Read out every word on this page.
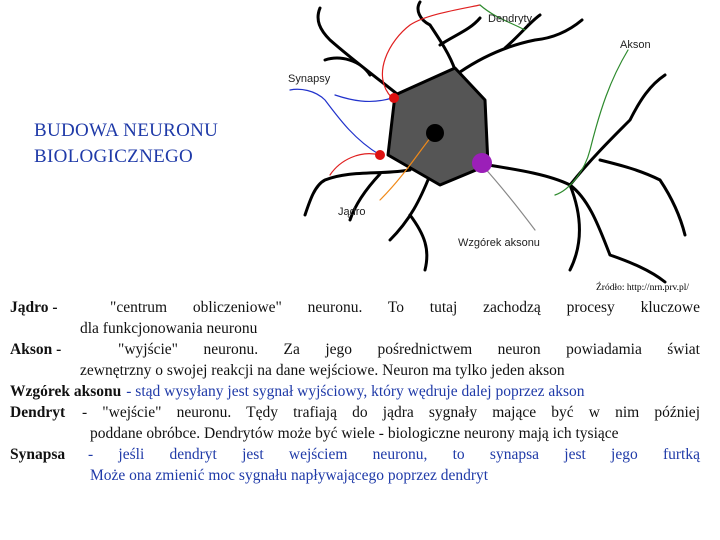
BUDOWA NEURONU
BIOLOGICZNEGO
Dendryty
Akson
Synapsy
Jądro
Wzgórek aksonu
Źródło: http://nrn.prv.pl/
Jądro -	"centrum obliczeniowe" neuronu. To tutaj zachodzą procesy kluczowe
dla funkcjonowania neuronu
Akson -	"wyjście" neuronu. Za jego pośrednictwem neuron powiadamia świat
zewnętrzny o swojej reakcji na dane wejściowe. Neuron ma tylko jeden akson
Wzgórek aksonu - stąd wysyłany jest sygnał wyjściowy, który wędruje dalej poprzez akson
Dendryt	- "wejście" neuronu. Tędy trafiają do jądra sygnały mające być w nim później
poddane obróbce. Dendrytów może być wiele - biologiczne neurony mają ich tysiące
Synapsa	- jeśli dendryt jest wejściem neuronu, to synapsa jest jego furtką
Może ona zmienić moc sygnału napływającego poprzez dendryt
